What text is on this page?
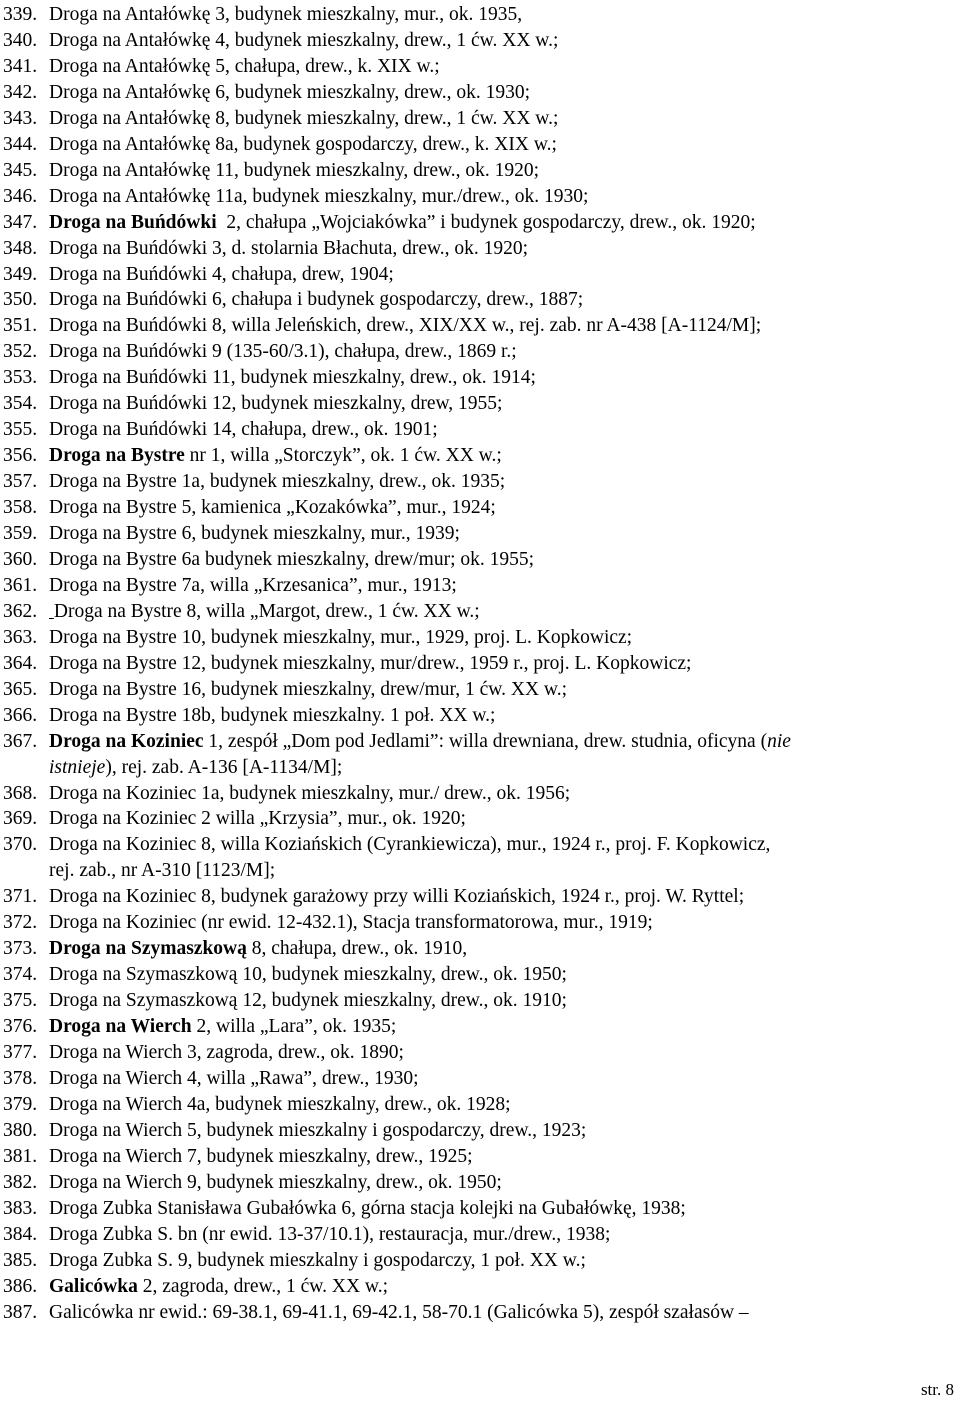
339. Droga na Antałówkę 3, budynek mieszkalny, mur., ok. 1935,
340. Droga na Antałówkę 4, budynek mieszkalny, drew., 1 ćw. XX w.;
341. Droga na Antałówkę 5, chałupa, drew., k. XIX w.;
342. Droga na Antałówkę 6, budynek mieszkalny, drew., ok. 1930;
343. Droga na Antałówkę 8, budynek mieszkalny, drew., 1 ćw. XX w.;
344. Droga na Antałówkę 8a, budynek gospodarczy, drew., k. XIX w.;
345. Droga na Antałówkę 11, budynek mieszkalny, drew., ok. 1920;
346. Droga na Antałówkę 11a, budynek mieszkalny, mur./drew., ok. 1930;
347. Droga na Buńdówki  2, chałupa „Wojciakówka” i budynek gospodarczy, drew., ok. 1920;
348. Droga na Buńdówki 3, d. stolarnia Błachuta, drew., ok. 1920;
349. Droga na Buńdówki 4, chałupa, drew, 1904;
350. Droga na Buńdówki 6, chałupa i budynek gospodarczy, drew., 1887;
351. Droga na Buńdówki 8, willa Jeleńskich, drew., XIX/XX w., rej. zab. nr A-438 [A-1124/M];
352. Droga na Buńdówki 9 (135-60/3.1), chałupa, drew., 1869 r.;
353. Droga na Buńdówki 11, budynek mieszkalny, drew., ok. 1914;
354. Droga na Buńdówki 12, budynek mieszkalny, drew, 1955;
355. Droga na Buńdówki 14, chałupa, drew., ok. 1901;
356. Droga na Bystre nr 1, willa „Storczyk”, ok. 1 ćw. XX w.;
357. Droga na Bystre 1a, budynek mieszkalny, drew., ok. 1935;
358. Droga na Bystre 5, kamienica „Kozakówka”, mur., 1924;
359. Droga na Bystre 6, budynek mieszkalny, mur., 1939;
360. Droga na Bystre 6a budynek mieszkalny, drew/mur; ok. 1955;
361. Droga na Bystre 7a, willa „Krzesanica”, mur., 1913;
362. Droga na Bystre 8, willa „Margot, drew., 1 ćw. XX w.;
363. Droga na Bystre 10, budynek mieszkalny, mur., 1929, proj. L. Kopkowicz;
364. Droga na Bystre 12, budynek mieszkalny, mur/drew., 1959 r., proj. L. Kopkowicz;
365. Droga na Bystre 16, budynek mieszkalny, drew/mur, 1 ćw. XX w.;
366. Droga na Bystre 18b, budynek mieszkalny. 1 poł. XX w.;
367. Droga na Koziniec 1, zespół „Dom pod Jedlami”: willa drewniana, drew. studnia, oficyna (nie
istnieje), rej. zab. A-136 [A-1134/M];
368. Droga na Koziniec 1a, budynek mieszkalny, mur./ drew., ok. 1956;
369. Droga na Koziniec 2 willa „Krzysia”, mur., ok. 1920;
370. Droga na Koziniec 8, willa Koziańskich (Cyrankiewicza), mur., 1924 r., proj. F. Kopkowicz,
rej. zab., nr A-310 [1123/M];
371. Droga na Koziniec 8, budynek garażowy przy willi Koziańskich, 1924 r., proj. W. Ryttel;
372. Droga na Koziniec (nr ewid. 12-432.1), Stacja transformatorowa, mur., 1919;
373. Droga na Szymaszkową 8, chałupa, drew., ok. 1910,
374. Droga na Szymaszkową 10, budynek mieszkalny, drew., ok. 1950;
375. Droga na Szymaszkową 12, budynek mieszkalny, drew., ok. 1910;
376. Droga na Wierch 2, willa „Lara”, ok. 1935;
377. Droga na Wierch 3, zagroda, drew., ok. 1890;
378. Droga na Wierch 4, willa „Rawa”, drew., 1930;
379. Droga na Wierch 4a, budynek mieszkalny, drew., ok. 1928;
380. Droga na Wierch 5, budynek mieszkalny i gospodarczy, drew., 1923;
381. Droga na Wierch 7, budynek mieszkalny, drew., 1925;
382. Droga na Wierch 9, budynek mieszkalny, drew., ok. 1950;
383. Droga Zubka Stanisława Gubałówka 6, górna stacja kolejki na Gubałówkę, 1938;
384. Droga Zubka S. bn (nr ewid. 13-37/10.1), restauracja, mur./drew., 1938;
385. Droga Zubka S. 9, budynek mieszkalny i gospodarczy, 1 poł. XX w.;
386. Galicówka 2, zagroda, drew., 1 ćw. XX w.;
387. Galicówka nr ewid.: 69-38.1, 69-41.1, 69-42.1, 58-70.1 (Galicówka 5), zespół szałasów –
str. 8
